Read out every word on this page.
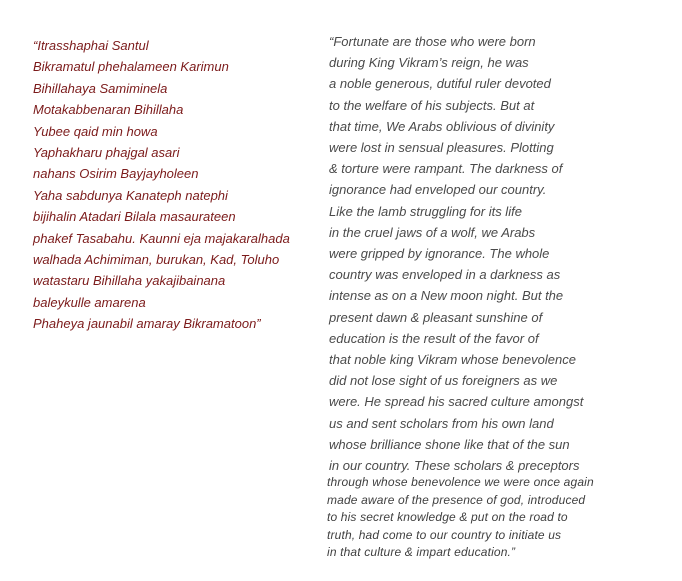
“Itrasshaphai Santul
Bikramatul phehalameen Karimun
Bihillahaya Samiminela
Motakabbenaran Bihillaha
Yubee qaid min howa
Yaphakharu phajgal asari
nahans Osirim Bayjayholeen
Yaha sabdunya Kanateph natephi
bijihalin Atadari Bilala masaurateen
phakef Tasabahu. Kaunni eja majakaralhada
walhada Achimiman, burukan, Kad, Toluho
watastaru Bihillaha yakajibainana
baleykulle amarena
Phaheya jaunabil amaray Bikramatoon”
“Fortunate are those who were born
during King Vikram’s reign, he was
a noble generous, dutiful ruler devoted
to the welfare of his subjects. But at
that time, We Arabs oblivious of divinity
were lost in sensual pleasures. Plotting
& torture were rampant. The darkness of
ignorance had enveloped our country.
Like the lamb struggling for its life
in the cruel jaws of a wolf, we Arabs
were gripped by ignorance. The whole
country was enveloped in a darkness as
intense as on a New moon night. But the
present dawn & pleasant sunshine of
education is the result of the favor of
that noble king Vikram whose benevolence
did not lose sight of us foreigners as we
were. He spread his sacred culture amongst
us and sent scholars from his own land
whose brilliance shone like that of the sun
in our country. These scholars & preceptors
through whose benevolence we were once again
made aware of the presence of god, introduced
to his secret knowledge & put on the road to
truth, had come to our country to initiate us
in that culture & impart education.”
